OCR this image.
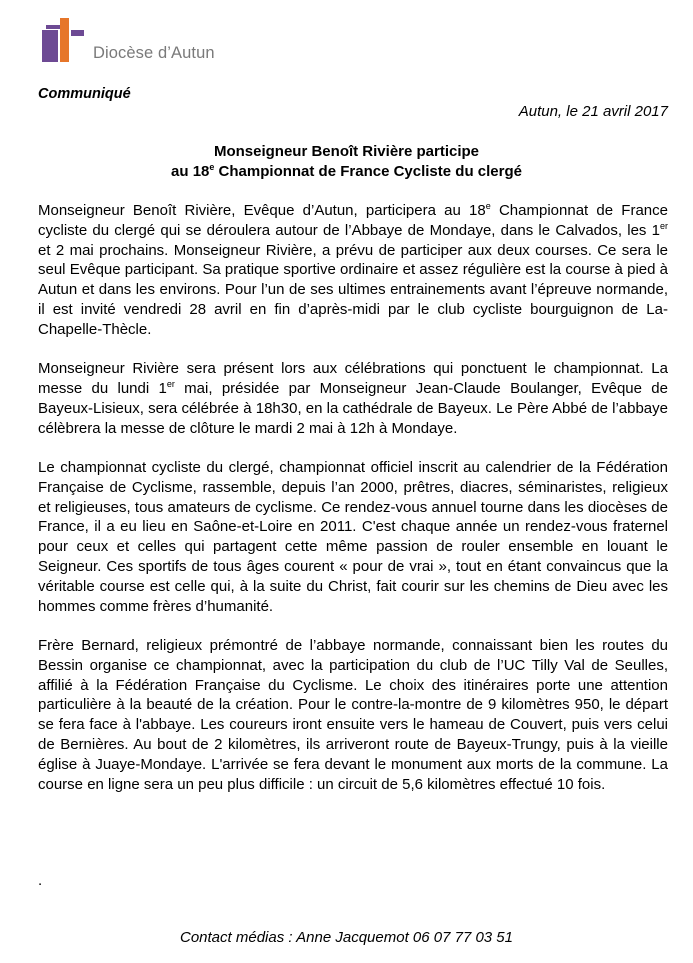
Diocèse d’Autun
Communiqué
Autun, le 21 avril 2017
Monseigneur Benoît Rivière participe
au 18e Championnat de France Cycliste du clergé

Monseigneur Benoît Rivière, Evêque d’Autun, participera au 18e Championnat de France cycliste du clergé qui se déroulera autour de l’Abbaye de Mondaye, dans le Calvados, les 1er et 2 mai prochains. Monseigneur Rivière, a prévu de participer aux deux courses. Ce sera le seul Evêque participant. Sa pratique sportive ordinaire et assez régulière est la course à pied à Autun et dans les environs. Pour l’un de ses ultimes entrainements avant l’épreuve normande, il est invité vendredi 28 avril en fin d’après-midi par le club cycliste bourguignon de La-Chapelle-Thècle.

Monseigneur Rivière sera présent lors aux célébrations qui ponctuent le championnat. La messe du lundi 1er mai, présidée par Monseigneur Jean-Claude Boulanger, Evêque de Bayeux-Lisieux, sera célébrée à 18h30, en la cathédrale de Bayeux. Le Père Abbé de l’abbaye célèbrera la messe de clôture le mardi 2 mai à 12h à Mondaye.

Le championnat cycliste du clergé, championnat officiel inscrit au calendrier de la Fédération Française de Cyclisme, rassemble, depuis l’an 2000, prêtres, diacres, séminaristes, religieux et religieuses, tous amateurs de cyclisme. Ce rendez-vous annuel tourne dans les diocèses de France, il a eu lieu en Saône-et-Loire en 2011. C'est chaque année un rendez-vous fraternel pour ceux et celles qui partagent cette même passion de rouler ensemble en louant le Seigneur. Ces sportifs de tous âges courent « pour de vrai », tout en étant convaincus que la véritable course est celle qui, à la suite du Christ, fait courir sur les chemins de Dieu avec les hommes comme frères d’humanité.

Frère Bernard, religieux prémontré de l’abbaye normande, connaissant bien les routes du Bessin organise ce championnat, avec la participation du club de l’UC Tilly Val de Seulles, affilié à la Fédération Française du Cyclisme. Le choix des itinéraires porte une attention particulière à la beauté de la création. Pour le contre-la-montre de 9 kilomètres 950, le départ se fera face à l'abbaye. Les coureurs iront ensuite vers le hameau de Couvert, puis vers celui de Bernières. Au bout de 2 kilomètres, ils arriveront route de Bayeux-Trungy, puis à la vieille église à Juaye-Mondaye. L'arrivée se fera devant le monument aux morts de la commune. La course en ligne sera un peu plus difficile : un circuit de 5,6 kilomètres effectué 10 fois.

.
Contact médias : Anne Jacquemot 06 07 77 03 51
